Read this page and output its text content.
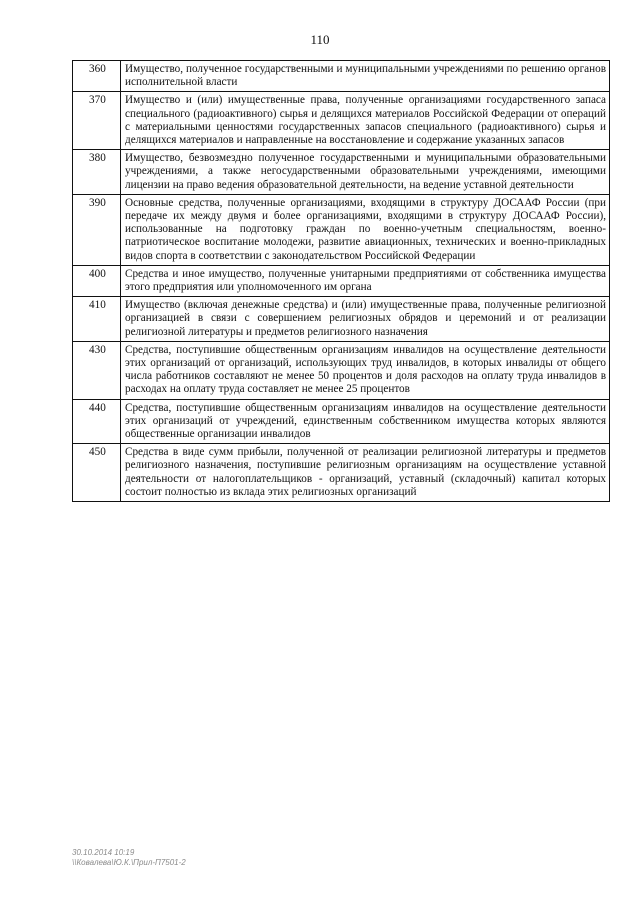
110
360	Имущество, полученное государственными и муниципальными учреждениями по решению органов исполнительной власти
370	Имущество и (или) имущественные права, полученные организациями государственного запаса специального (радиоактивного) сырья и делящихся материалов Российской Федерации от операций с материальными ценностями государственных запасов специального (радиоактивного) сырья и делящихся материалов и направленные на восстановление и содержание указанных запасов
380	Имущество, безвозмездно полученное государственными и муниципальными образовательными учреждениями, а также негосударственными образовательными учреждениями, имеющими лицензии на право ведения образовательной деятельности, на ведение уставной деятельности
390	Основные средства, полученные организациями, входящими в структуру ДОСААФ России (при передаче их между двумя и более организациями, входящими в структуру ДОСААФ России), использованные на подготовку граждан по военно-учетным специальностям, военно-патриотическое воспитание молодежи, развитие авиационных, технических и военно-прикладных видов спорта в соответствии с законодательством Российской Федерации
400	Средства и иное имущество, полученные унитарными предприятиями от собственника имущества этого предприятия или уполномоченного им органа
410	Имущество (включая денежные средства) и (или) имущественные права, полученные религиозной организацией в связи с совершением религиозных обрядов и церемоний и от реализации религиозной литературы и предметов религиозного назначения
430	Средства, поступившие общественным организациям инвалидов на осуществление деятельности этих организаций от организаций, использующих труд инвалидов, в которых инвалиды от общего числа работников составляют не менее 50 процентов и доля расходов на оплату труда инвалидов в расходах на оплату труда составляет не менее 25 процентов
440	Средства, поступившие общественным организациям инвалидов на осуществление деятельности этих организаций от учреждений, единственным собственником имущества которых являются общественные организации инвалидов
450	Средства в виде сумм прибыли, полученной от реализации религиозной литературы и предметов религиозного назначения, поступившие религиозным организациям на осуществление уставной деятельности от налогоплательщиков - организаций, уставный (складочный) капитал которых состоит полностью из вклада этих религиозных организаций
30.10.2014 10:19
\\Ковалева\Ю.К.\Прил-П7501-2
